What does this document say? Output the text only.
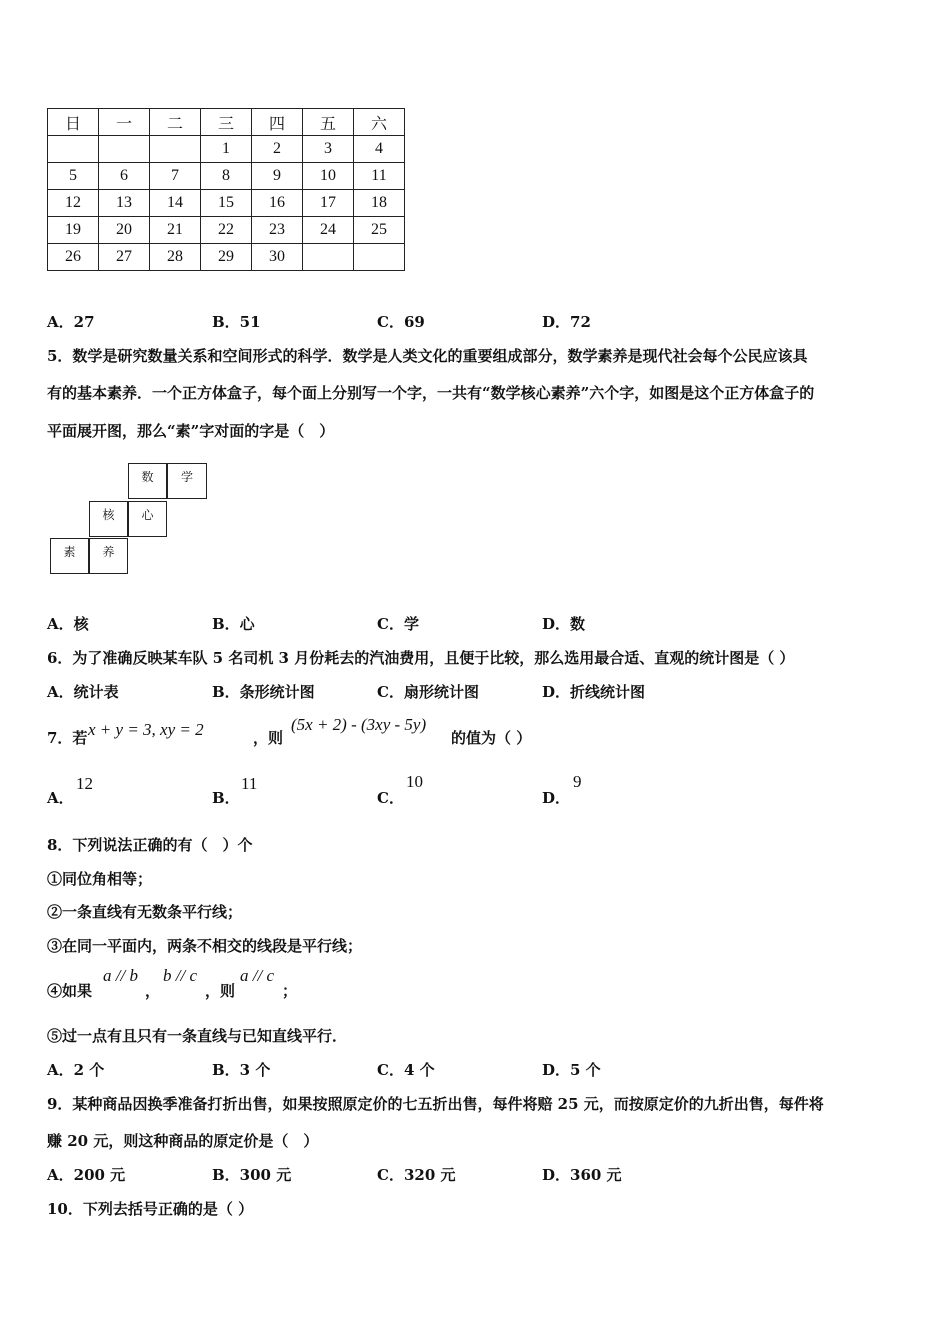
日	一	二	三	四	五	六
			1	2	3	4
5	6	7	8	9	10	11
12	13	14	15	16	17	18
19	20	21	22	23	24	25
26	27	28	29	30		
A．27	B．51	C．69	D．72
5．数学是研究数量关系和空间形式的科学．数学是人类文化的重要组成部分，数学素养是现代社会每个公民应该具
有的基本素养．一个正方体盒子，每个面上分别写一个字，一共有“数学核心素养”六个字，如图是这个正方体盒子的
平面展开图，那么“素”字对面的字是（　）
数	学
核	心
素	养
A．核	B．心	C．学	D．数
6．为了准确反映某车队 5 名司机 3 月份耗去的汽油费用，且便于比较，那么选用最合适、直观的统计图是（ ）
A．统计表	B．条形统计图	C．扇形统计图	D．折线统计图
7．若 x + y = 3, xy = 2	，则
(5x + 2) - (3xy - 5y)
的值为（ ）
A．
12
B．
11
C．
10
D．
9
8．下列说法正确的有（　）个
①同位角相等；
②一条直线有无数条平行线；
③在同一平面内，两条不相交的线段是平行线；
④如果
a // b
，
b // c
，则
a // c
；
⑤过一点有且只有一条直线与已知直线平行．
A．2 个	B．3 个	C．4 个	D．5 个
9．某种商品因换季准备打折出售，如果按照原定价的七五折出售，每件将赔 25 元，而按原定价的九折出售，每件将
赚 20 元，则这种商品的原定价是（　）
A．200 元	B．300 元	C．320 元	D．360 元
10．下列去括号正确的是（ ）
